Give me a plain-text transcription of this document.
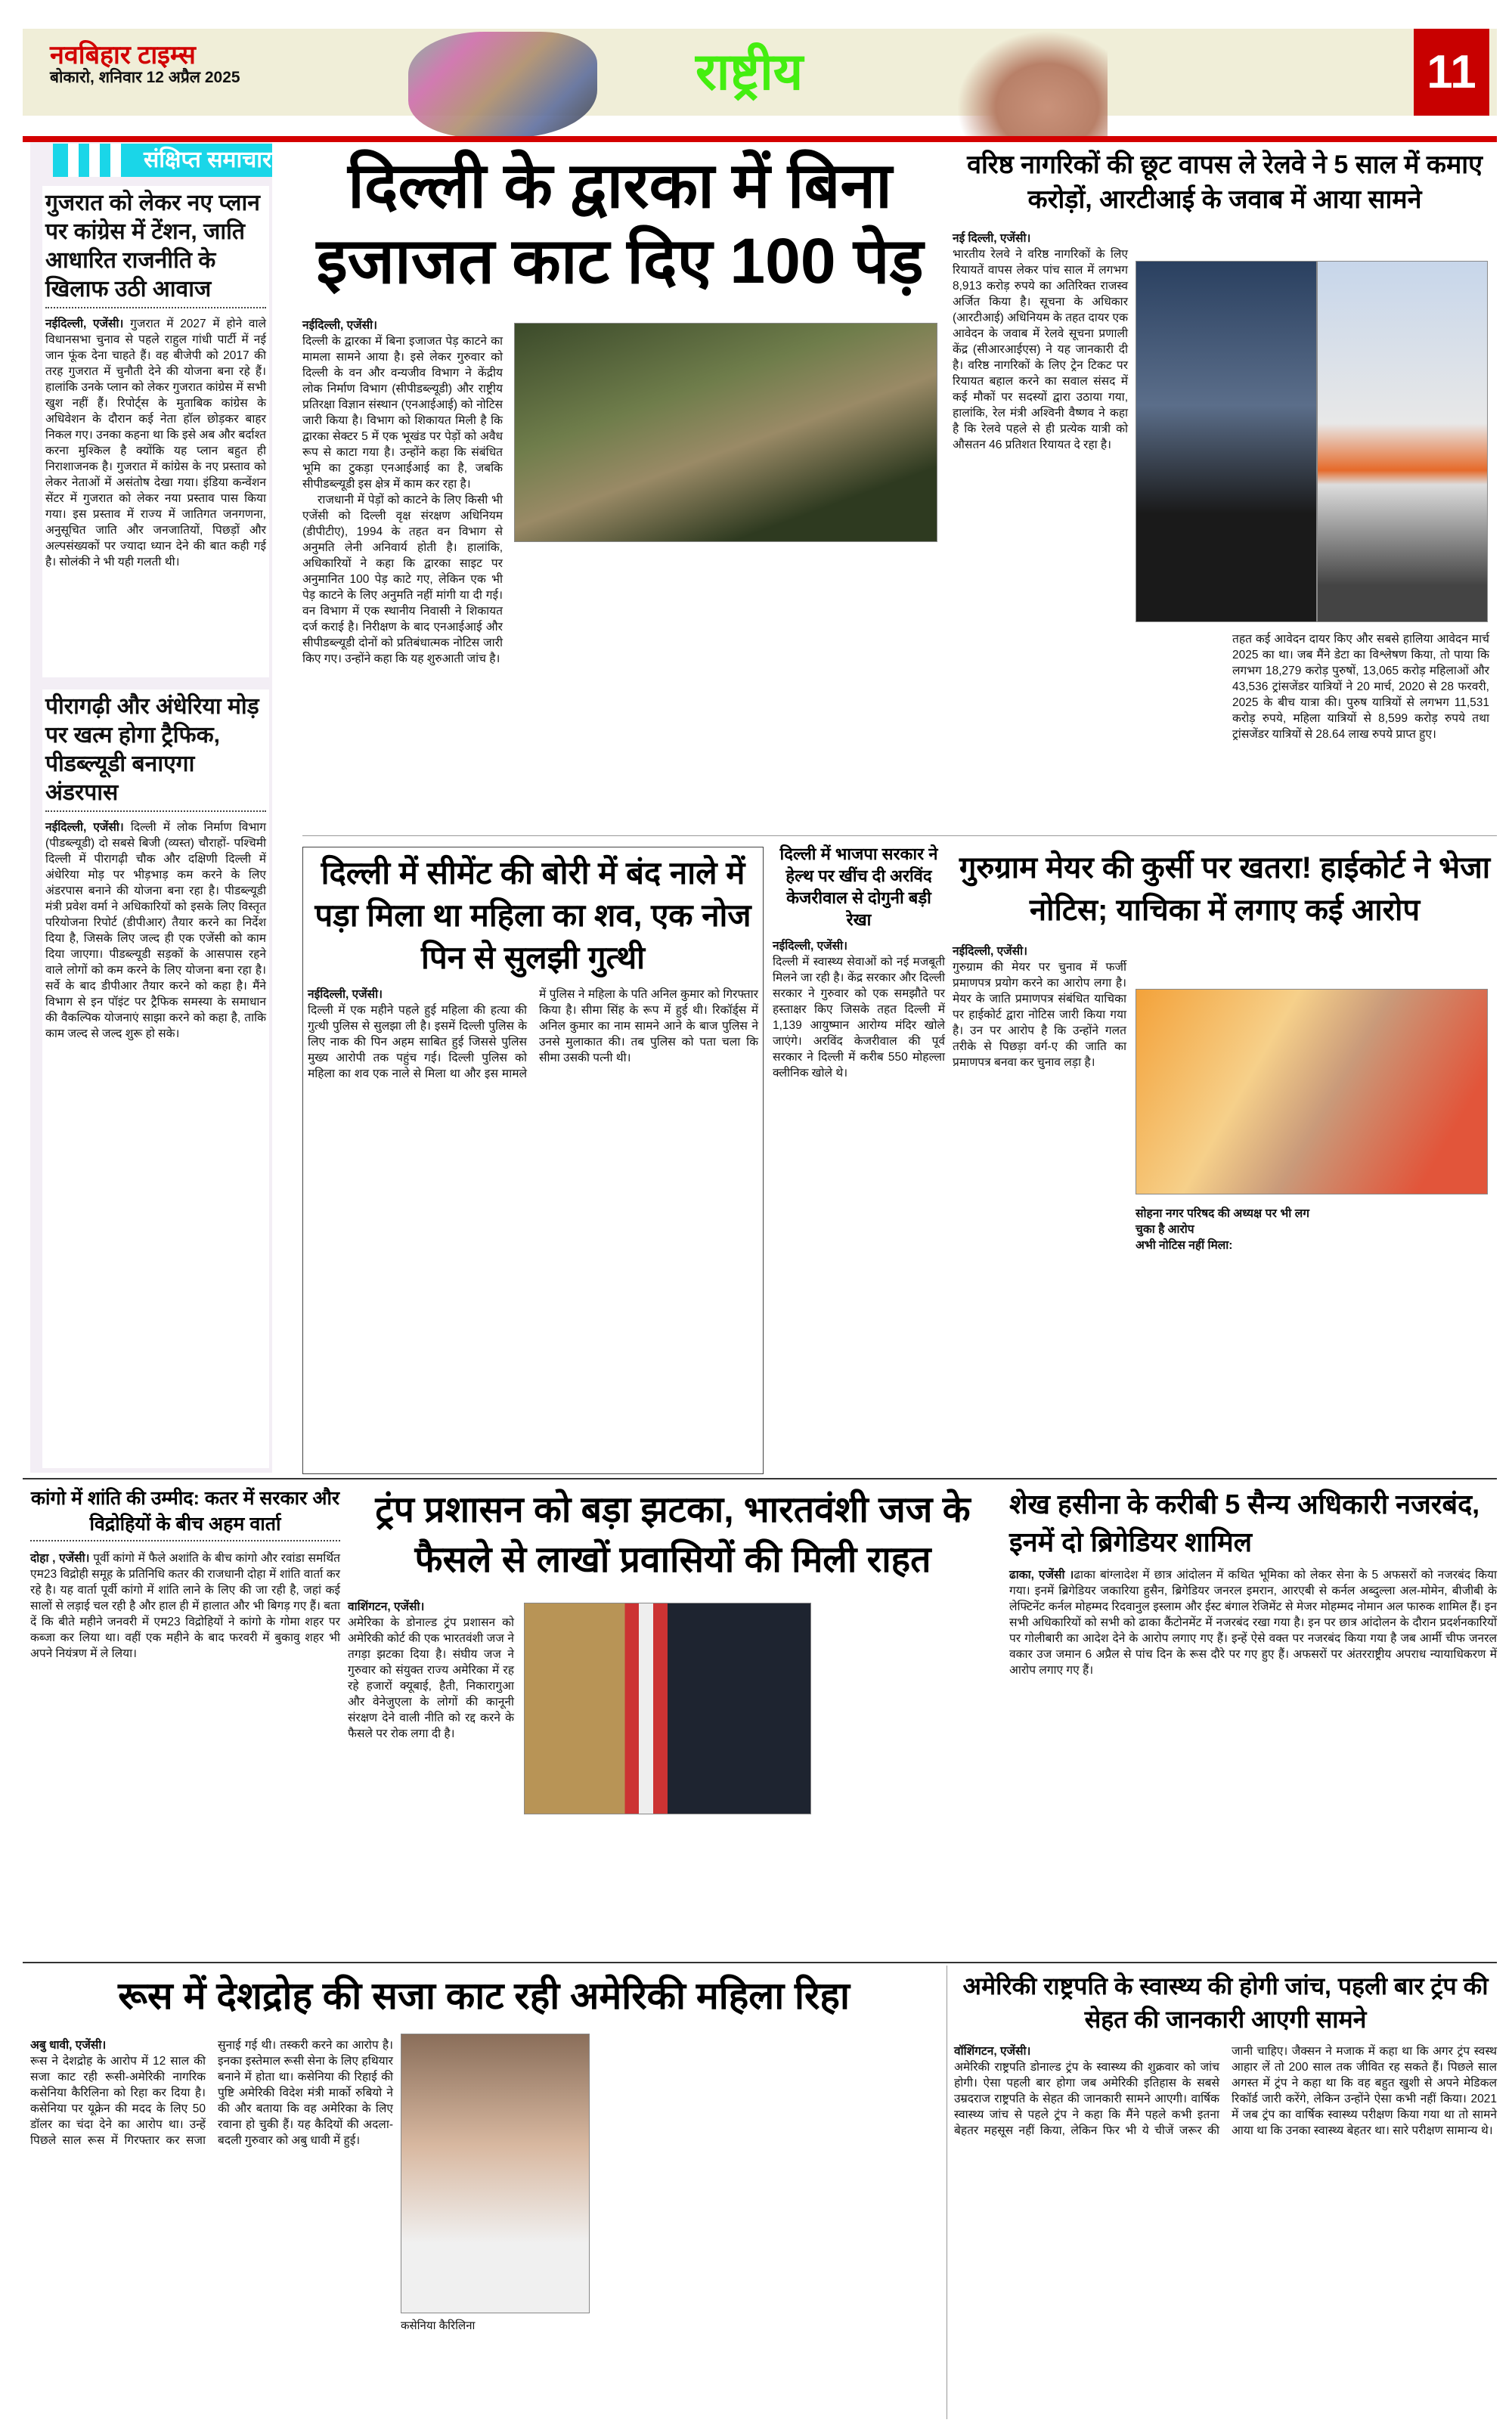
नवबिहार टाइम्स
बोकारो, शनिवार 12 अप्रैल 2025	राष्ट्रीय	11
संक्षिप्त समाचार
गुजरात को लेकर नए प्लान पर कांग्रेस में टेंशन, जाति आधारित राजनीति के खिलाफ उठी आवाज
नईदिल्ली, एजेंसी। गुजरात में 2027 में होने वाले विधानसभा चुनाव से पहले राहुल गांधी पार्टी में नई जान फूंक देना चाहते हैं। वह बीजेपी को 2017 की तरह गुजरात में चुनौती देने की योजना बना रहे हैं। हालांकि उनके प्लान को लेकर गुजरात कांग्रेस में सभी खुश नहीं हैं। रिपोर्ट्स के मुताबिक कांग्रेस के अधिवेशन के दौरान कई नेता हॉल छोड़कर बाहर निकल गए। उनका कहना था कि इसे अब और बर्दाश्त करना मुश्किल है क्योंकि यह प्लान बहुत ही निराशाजनक है। गुजरात में कांग्रेस के नए प्रस्ताव को लेकर नेताओं में असंतोष देखा गया। इंडिया कन्वेंशन सेंटर में गुजरात को लेकर नया प्रस्ताव पास किया गया। इस प्रस्ताव में राज्य में जातिगत जनगणना, अनुसूचित जाति और जनजातियों, पिछड़ों और अल्पसंख्यकों पर ज्यादा ध्यान देने की बात कही गई है। सोलंकी ने भी यही गलती थी।
पीरागढ़ी और अंधेरिया मोड़ पर खत्म होगा ट्रैफिक, पीडब्ल्यूडी बनाएगा अंडरपास
नईदिल्ली, एजेंसी। दिल्ली में लोक निर्माण विभाग (पीडब्ल्यूडी) दो सबसे बिजी (व्यस्त) चौराहों- पश्चिमी दिल्ली में पीरागढ़ी चौक और दक्षिणी दिल्ली में अंधेरिया मोड़ पर भीड़भाड़ कम करने के लिए अंडरपास बनाने की योजना बना रहा है। पीडब्ल्यूडी मंत्री प्रवेश वर्मा ने अधिकारियों को इसके लिए विस्तृत परियोजना रिपोर्ट (डीपीआर) तैयार करने का निर्देश दिया है, जिसके लिए जल्द ही एक एजेंसी को काम दिया जाएगा। पीडब्ल्यूडी सड़कों के आसपास रहने वाले लोगों को कम करने के लिए योजना बना रहा है। सर्वे के बाद डीपीआर तैयार करने को कहा है। मैंने विभाग से इन पॉइंट पर ट्रैफिक समस्या के समाधान की वैकल्पिक योजनाएं साझा करने को कहा है, ताकि काम जल्द से जल्द शुरू हो सके।
दिल्ली के द्वारका में बिना इजाजत काट दिए 100 पेड़
नईदिल्ली, एजेंसी।

दिल्ली के द्वारका में बिना इजाजत पेड़ काटने का मामला सामने आया है। इसे लेकर गुरुवार को दिल्ली के वन और वन्यजीव विभाग ने केंद्रीय लोक निर्माण विभाग (सीपीडब्ल्यूडी) और राष्ट्रीय प्रतिरक्षा विज्ञान संस्थान (एनआईआई) को नोटिस जारी किया है। विभाग को शिकायत मिली है कि द्वारका सेक्टर 5 में एक भूखंड पर पेड़ों को अवैध रूप से काटा गया है। उन्होंने कहा कि संबंधित भूमि का टुकड़ा एनआईआई का है, जबकि सीपीडब्ल्यूडी इस क्षेत्र में काम कर रहा है।

राजधानी में पेड़ों को काटने के लिए किसी भी एजेंसी को दिल्ली वृक्ष संरक्षण अधिनियम (डीपीटीए), 1994 के तहत वन विभाग से अनुमति लेनी अनिवार्य होती है। हालांकि, अधिकारियों ने कहा कि द्वारका साइट पर अनुमानित 100 पेड़ काटे गए, लेकिन एक भी पेड़ काटने के लिए अनुमति नहीं मांगी या दी गई। वन विभाग में एक स्थानीय निवासी ने शिकायत दर्ज कराई है। निरीक्षण के बाद एनआईआई और सीपीडब्ल्यूडी दोनों को प्रतिबंधात्मक नोटिस जारी किए गए। उन्होंने कहा कि यह शुरुआती जांच है।

वरिष्ठ नागरिकों की छूट वापस ले रेलवे ने 5 साल में कमाए करोड़ों, आरटीआई के जवाब में आया सामने
नई दिल्ली, एजेंसी।

भारतीय रेलवे ने वरिष्ठ नागरिकों के लिए रियायतें वापस लेकर पांच साल में लगभग 8,913 करोड़ रुपये का अतिरिक्त राजस्व अर्जित किया है। सूचना के अधिकार (आरटीआई) अधिनियम के तहत दायर एक आवेदन के जवाब में रेलवे सूचना प्रणाली केंद्र (सीआरआईएस) ने यह जानकारी दी है। वरिष्ठ नागरिकों के लिए ट्रेन टिकट पर रियायत बहाल करने का सवाल संसद में कई मौकों पर सदस्यों द्वारा उठाया गया, हालांकि, रेल मंत्री अश्विनी वैष्णव ने कहा है कि रेलवे पहले से ही प्रत्येक यात्री को औसतन 46 प्रतिशत रियायत दे रहा है।

तहत कई आवेदन दायर किए और सबसे हालिया आवेदन मार्च 2025 का था। जब मैंने डेटा का विश्लेषण किया, तो पाया कि लगभग 18,279 करोड़ पुरुषों, 13,065 करोड़ महिलाओं और 43,536 ट्रांसजेंडर यात्रियों ने 20 मार्च, 2020 से 28 फरवरी, 2025 के बीच यात्रा की। पुरुष यात्रियों से लगभग 11,531 करोड़ रुपये, महिला यात्रियों से 8,599 करोड़ रुपये तथा ट्रांसजेंडर यात्रियों से 28.64 लाख रुपये प्राप्त हुए।
दिल्ली में सीमेंट की बोरी में बंद नाले में पड़ा मिला था महिला का शव, एक नोज पिन से सुलझी गुत्थी
नईदिल्ली, एजेंसी।
दिल्ली में एक महीने पहले हुई महिला की हत्या की गुत्थी पुलिस से सुलझा ली है। इसमें दिल्ली पुलिस के लिए नाक की पिन अहम साबित हुई जिससे पुलिस मुख्य आरोपी तक पहुंच गई। दिल्ली पुलिस को महिला का शव एक नाले से मिला था और इस मामले में पुलिस ने महिला के पति अनिल कुमार को गिरफ्तार किया है। सीमा सिंह के रूप में हुई थी। रिकॉर्ड्स में अनिल कुमार का नाम सामने आने के बाज पुलिस ने उनसे मुलाकात की। तब पुलिस को पता चला कि सीमा उसकी पत्नी थी।
दिल्ली में भाजपा सरकार ने हेल्थ पर खींच दी अरविंद केजरीवाल से दोगुनी बड़ी रेखा
नईदिल्ली, एजेंसी।

दिल्ली में स्वास्थ्य सेवाओं को नई मजबूती मिलने जा रही है। केंद्र सरकार और दिल्ली सरकार ने गुरुवार को एक समझौते पर हस्ताक्षर किए जिसके तहत दिल्ली में 1,139 आयुष्मान आरोग्य मंदिर खोले जाएंगे। अरविंद केजरीवाल की पूर्व सरकार ने दिल्ली में करीब 550 मोहल्ला क्लीनिक खोले थे।

गुरुग्राम मेयर की कुर्सी पर खतरा! हाईकोर्ट ने भेजा नोटिस; याचिका में लगाए कई आरोप
नईदिल्ली, एजेंसी।

गुरुग्राम की मेयर पर चुनाव में फर्जी प्रमाणपत्र प्रयोग करने का आरोप लगा है। मेयर के जाति प्रमाणपत्र संबंधित याचिका पर हाईकोर्ट द्वारा नोटिस जारी किया गया है। उन पर आरोप है कि उन्होंने गलत तरीके से पिछड़ा वर्ग-ए की जाति का प्रमाणपत्र बनवा कर चुनाव लड़ा है।

सोहना नगर परिषद की अध्यक्ष पर भी लग चुका है आरोप

अभी नोटिस नहीं मिला:

कांगो में शांति की उम्मीद: कतर में सरकार और विद्रोहियों के बीच अहम वार्ता
दोहा , एजेंसी। पूर्वी कांगो में फैले अशांति के बीच कांगो और रवांडा समर्थित एम23 विद्रोही समूह के प्रतिनिधि कतर की राजधानी दोहा में शांति वार्ता कर रहे है। यह वार्ता पूर्वी कांगो में शांति लाने के लिए की जा रही है, जहां कई सालों से लड़ाई चल रही है और हाल ही में हालात और भी बिगड़ गए हैं। बता दें कि बीते महीने जनवरी में एम23 विद्रोहियों ने कांगो के गोमा शहर पर कब्जा कर लिया था। वहीं एक महीने के बाद फरवरी में बुकावु शहर भी अपने नियंत्रण में ले लिया।
ट्रंप प्रशासन को बड़ा झटका, भारतवंशी जज के फैसले से लाखों प्रवासियों की मिली राहत
वाशिंगटन, एजेंसी।

अमेरिका के डोनाल्ड ट्रंप प्रशासन को अमेरिकी कोर्ट की एक भारतवंशी जज ने तगड़ा झटका दिया है। संघीय जज ने गुरुवार को संयुक्त राज्य अमेरिका में रह रहे हजारों क्यूबाई, हैती, निकारागुआ और वेनेजुएला के लोगों की कानूनी संरक्षण देने वाली नीति को रद्द करने के फैसले पर रोक लगा दी है।

शेख हसीना के करीबी 5 सैन्य अधिकारी नजरबंद, इनमें दो ब्रिगेडियर शामिल
ढाका, एजेंसी ।ढाका बांग्लादेश में छात्र आंदोलन में कथित भूमिका को लेकर सेना के 5 अफसरों को नजरबंद किया गया। इनमें ब्रिगेडियर जकारिया हुसैन, ब्रिगेडियर जनरल इमरान, आरएबी से कर्नल अब्दुल्ला अल-मोमेन, बीजीबी के लेफ्टिनेंट कर्नल मोहम्मद रिदवानुल इस्लाम और ईस्ट बंगाल रेजिमेंट से मेजर मोहम्मद नोमान अल फारुक शामिल हैं। इन सभी अधिकारियों को सभी को ढाका कैंटोनमेंट में नजरबंद रखा गया है। इन पर छात्र आंदोलन के दौरान प्रदर्शनकारियों पर गोलीबारी का आदेश देने के आरोप लगाए गए हैं। इन्हें ऐसे वक्त पर नजरबंद किया गया है जब आर्मी चीफ जनरल वकार उज जमान 6 अप्रैल से पांच दिन के रूस दौरे पर गए हुए हैं। अफसरों पर अंतरराष्ट्रीय अपराध न्यायाधिकरण में आरोप लगाए गए हैं।
रूस में देशद्रोह की सजा काट रही अमेरिकी महिला रिहा
अबु धावी, एजेंसी।
रूस ने देशद्रोह के आरोप में 12 साल की सजा काट रही रूसी-अमेरिकी नागरिक कसेनिया कैरिलिना को रिहा कर दिया है। कसेनिया पर यूक्रेन की मदद के लिए 50 डॉलर का चंदा देने का आरोप था। उन्हें पिछले साल रूस में गिरफ्तार कर सजा सुनाई गई थी। तस्करी करने का आरोप है। इनका इस्तेमाल रूसी सेना के लिए हथियार बनाने में होता था। कसेनिया की रिहाई की पुष्टि अमेरिकी विदेश मंत्री मार्को रुबियो ने की और बताया कि वह अमेरिका के लिए रवाना हो चुकी हैं। यह कैदियों की अदला-बदली गुरुवार को अबु धावी में हुई।
कसेनिया कैरिलिना
अमेरिकी राष्ट्रपति के स्वास्थ्य की होगी जांच, पहली बार ट्रंप की सेहत की जानकारी आएगी सामने
वॉशिंगटन, एजेंसी।
अमेरिकी राष्ट्रपति डोनाल्ड ट्रंप के स्वास्थ्य की शुक्रवार को जांच होगी। ऐसा पहली बार होगा जब अमेरिकी इतिहास के सबसे उम्रदराज राष्ट्रपति के सेहत की जानकारी सामने आएगी। वार्षिक स्वास्थ्य जांच से पहले ट्रंप ने कहा कि मैंने पहले कभी इतना बेहतर महसूस नहीं किया, लेकिन फिर भी ये चीजें जरूर की जानी चाहिए। जैक्सन ने मजाक में कहा था कि अगर ट्रंप स्वस्थ आहार लें तो 200 साल तक जीवित रह सकते हैं। पिछले साल अगस्त में ट्रंप ने कहा था कि वह बहुत खुशी से अपने मेडिकल रिकॉर्ड जारी करेंगे, लेकिन उन्होंने ऐसा कभी नहीं किया। 2021 में जब ट्रंप का वार्षिक स्वास्थ्य परीक्षण किया गया था तो सामने आया था कि उनका स्वास्थ्य बेहतर था। सारे परीक्षण सामान्य थे।
